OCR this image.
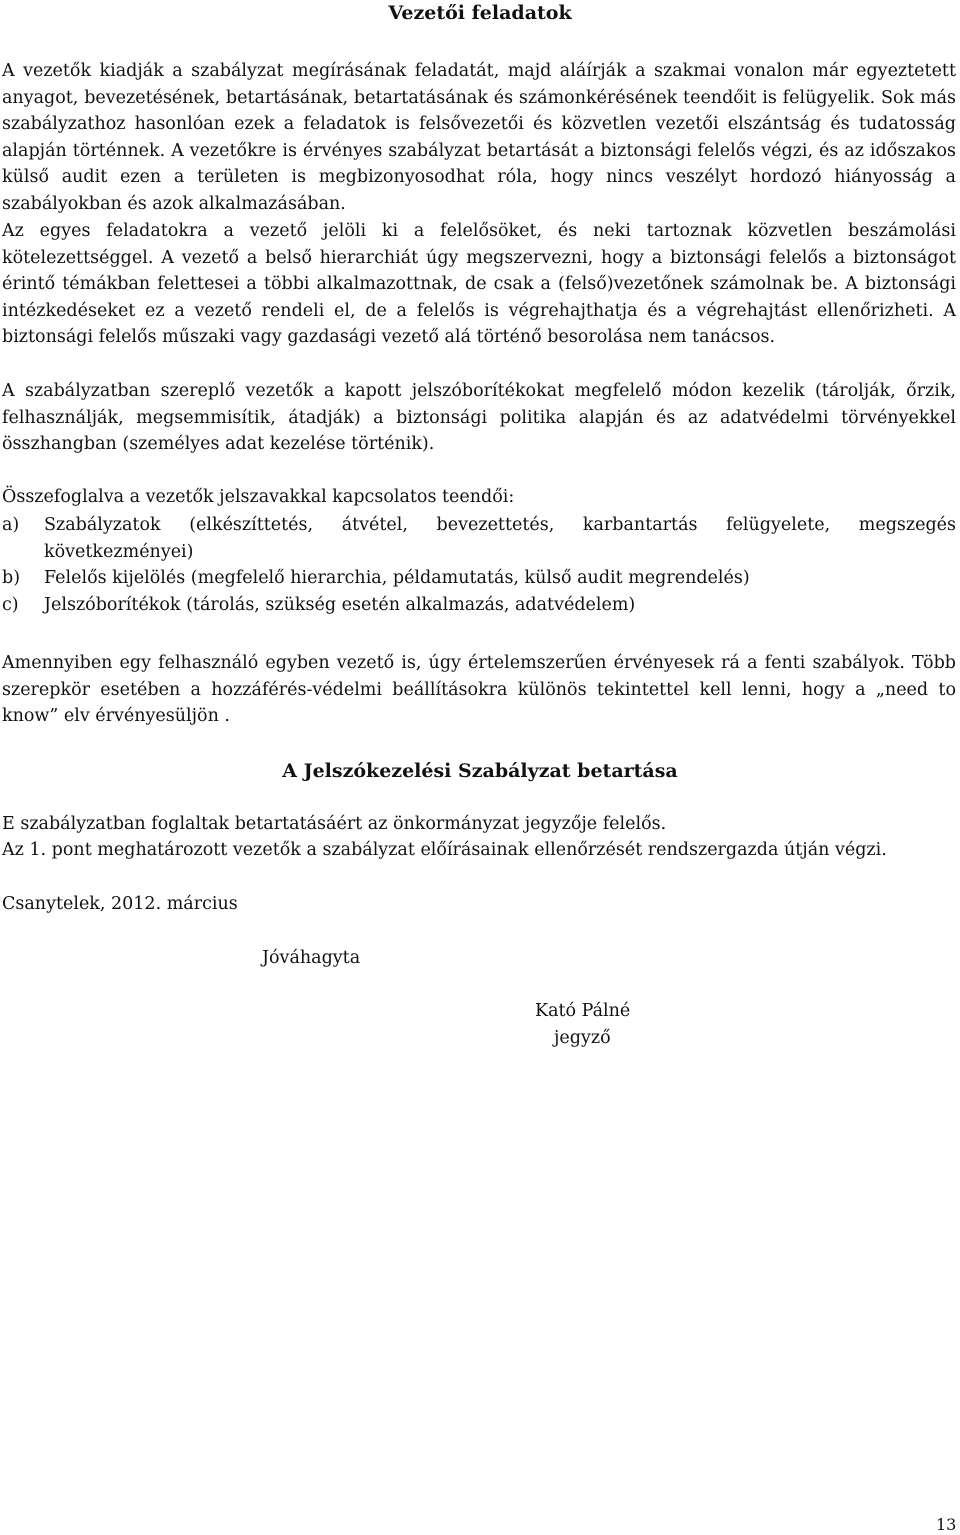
Vezetői feladatok
A vezetők kiadják a szabályzat megírásának feladatát, majd aláírják a szakmai vonalon már egyeztetett anyagot, bevezetésének, betartásának, betartatásának és számonkérésének teendőit is felügyelik. Sok más szabályzathoz hasonlóan ezek a feladatok is felsővezetői és közvetlen vezetői elszántság és tudatosság alapján történnek. A vezetőkre is érvényes szabályzat betartását a biztonsági felelős végzi, és az időszakos külső audit ezen a területen is megbizonyosodhat róla, hogy nincs veszélyt hordozó hiányosság a szabályokban és azok alkalmazásában.
Az egyes feladatokra a vezető jelöli ki a felelősöket, és neki tartoznak közvetlen beszámolási kötelezettséggel. A vezető a belső hierarchiát úgy megszervezni, hogy a biztonsági felelős a biztonságot érintő témákban felettesei a többi alkalmazottnak, de csak a (felső)vezetőnek számolnak be. A biztonsági intézkedéseket ez a vezető rendeli el, de a felelős is végrehajthatja és a végrehajtást ellenőrizheti. A biztonsági felelős műszaki vagy gazdasági vezető alá történő besorolása nem tanácsos.
A szabályzatban szereplő vezetők a kapott jelszóborítékokat megfelelő módon kezelik (tárolják, őrzik, felhasználják, megsemmisítik, átadják) a biztonsági politika alapján és az adatvédelmi törvényekkel összhangban (személyes adat kezelése történik).
Összefoglalva a vezetők jelszavakkal kapcsolatos teendői:
a)	Szabályzatok (elkészíttetés, átvétel, bevezettetés, karbantartás felügyelete, megszegés következményei)
b)	Felelős kijelölés (megfelelő hierarchia, példamutatás, külső audit megrendelés)
c)	Jelszóborítékok (tárolás, szükség esetén alkalmazás, adatvédelem)
Amennyiben egy felhasználó egyben vezető is, úgy értelemszerűen érvényesek rá a fenti szabályok. Több szerepkör esetében a hozzáférés-védelmi beállításokra különös tekintettel kell lenni, hogy a „need to know” elv érvényesüljön .
A Jelszókezelési Szabályzat betartása
E szabályzatban foglaltak betartatásáért az önkormányzat jegyzője felelős.
Az 1. pont meghatározott vezetők a szabályzat előírásainak ellenőrzését rendszergazda útján végzi.
Csanytelek, 2012. március
Jóváhagyta
Kató Pálné
jegyző
13
